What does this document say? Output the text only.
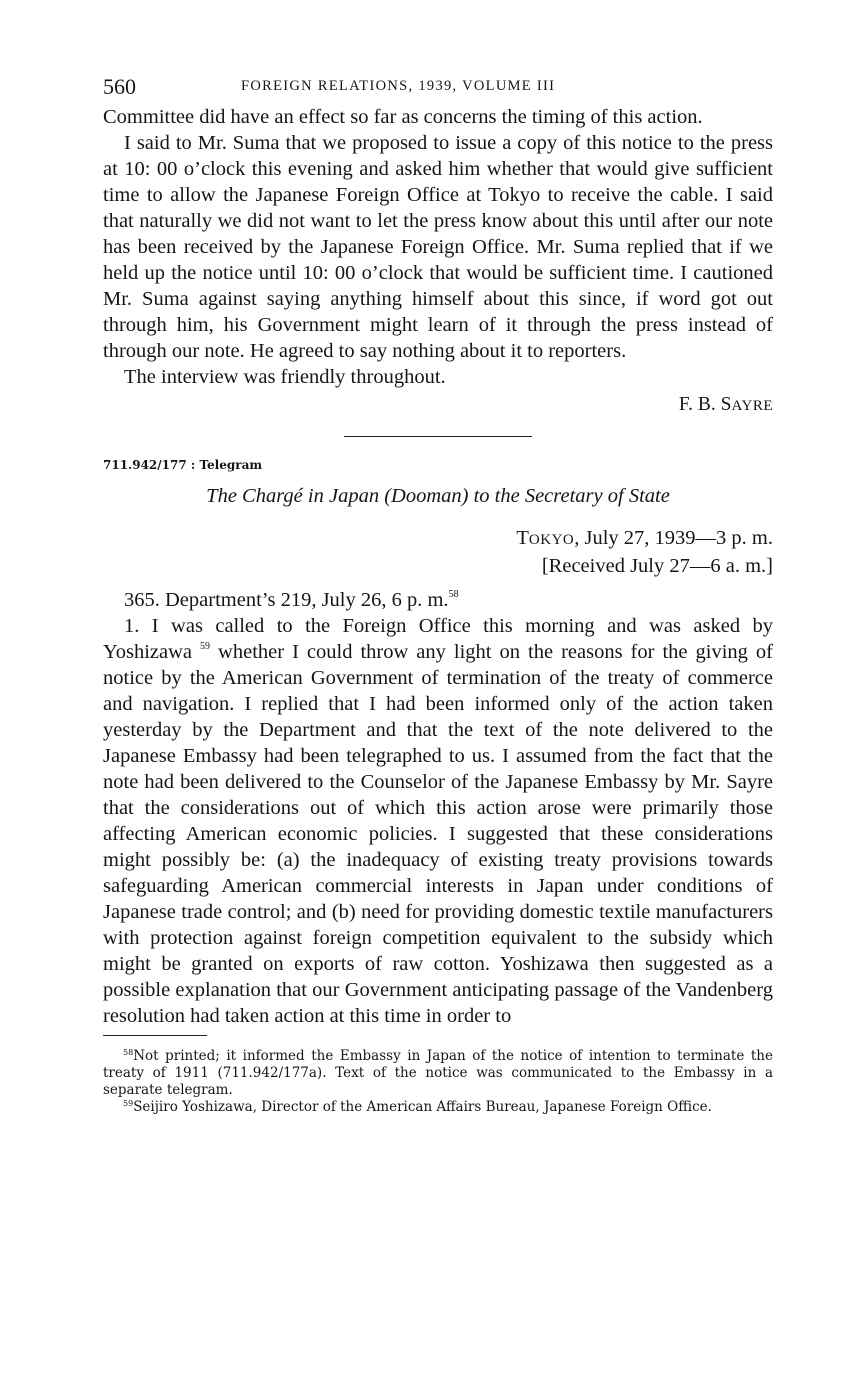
560	FOREIGN RELATIONS, 1939, VOLUME III

Committee did have an effect so far as concerns the timing of this action.

I said to Mr. Suma that we proposed to issue a copy of this notice to the press at 10: 00 o’clock this evening and asked him whether that would give sufficient time to allow the Japanese Foreign Office at Tokyo to receive the cable. I said that naturally we did not want to let the press know about this until after our note has been received by the Japanese Foreign Office. Mr. Suma replied that if we held up the notice until 10: 00 o’clock that would be sufficient time. I cautioned Mr. Suma against saying anything himself about this since, if word got out through him, his Government might learn of it through the press instead of through our note. He agreed to say nothing about it to reporters.

The interview was friendly throughout.

F. B. SAYRE
711.942/177 : Telegram
The Chargé in Japan (Dooman) to the Secretary of State
TOKYO, July 27, 1939—3 p. m.
[Received July 27—6 a. m.]

365. Department’s 219, July 26, 6 p. m.$^{58}$

1. I was called to the Foreign Office this morning and was asked by Yoshizawa $^{59}$ whether I could throw any light on the reasons for the giving of notice by the American Government of termination of the treaty of commerce and navigation. I replied that I had been informed only of the action taken yesterday by the Department and that the text of the note delivered to the Japanese Embassy had been telegraphed to us. I assumed from the fact that the note had been delivered to the Counselor of the Japanese Embassy by Mr. Sayre that the considerations out of which this action arose were primarily those affecting American economic policies. I suggested that these considerations might possibly be: (a) the inadequacy of existing treaty provisions towards safeguarding American commercial interests in Japan under conditions of Japanese trade control; and (b) need for providing domestic textile manufacturers with protection against foreign competition equivalent to the subsidy which might be granted on exports of raw cotton. Yoshizawa then suggested as a possible explanation that our Government anticipating passage of the Vandenberg resolution had taken action at this time in order to

$^{58}$Not printed; it informed the Embassy in Japan of the notice of intention to terminate the treaty of 1911 (711.942/177a). Text of the notice was communicated to the Embassy in a separate telegram.

$^{59}$Seijiro Yoshizawa, Director of the American Affairs Bureau, Japanese Foreign Office.
